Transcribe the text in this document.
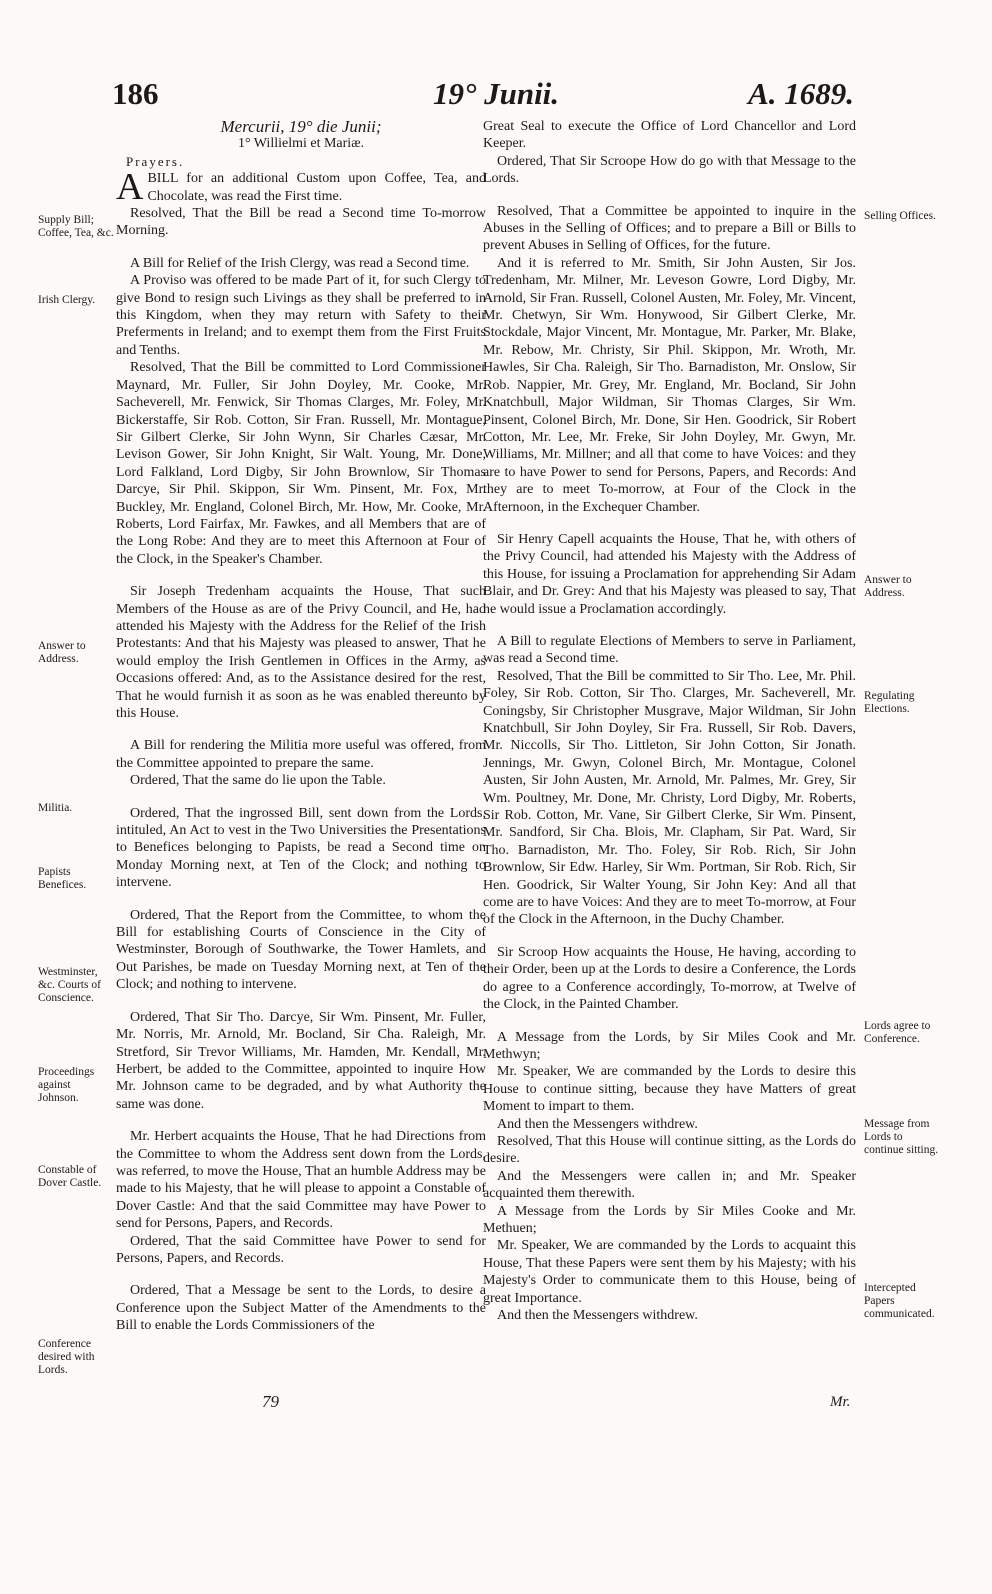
186	19° Junii.	A. 1689.

Mercurii, 19° die Junii;

1° Willielmi et Mariæ.

Prayers.

A BILL for an additional Custom upon Coffee, Tea, and Chocolate, was read the First time.

Resolved, That the Bill be read a Second time To-morrow Morning.

A Bill for Relief of the Irish Clergy, was read a Second time.

A Proviso was offered to be made Part of it, for such Clergy to give Bond to resign such Livings as they shall be preferred to in this Kingdom, when they may return with Safety to their Preferments in Ireland; and to exempt them from the First Fruits and Tenths.

Resolved, That the Bill be committed to Lord Commissioner Maynard, Mr. Fuller, Sir John Doyley, Mr. Cooke, Mr. Sacheverell, Mr. Fenwick, Sir Thomas Clarges, Mr. Foley, Mr. Bickerstaffe, Sir Rob. Cotton, Sir Fran. Russell, Mr. Montague, Sir Gilbert Clerke, Sir John Wynn, Sir Charles Cæsar, Mr. Levison Gower, Sir John Knight, Sir Walt. Young, Mr. Done, Lord Falkland, Lord Digby, Sir John Brownlow, Sir Thomas Darcye, Sir Phil. Skippon, Sir Wm. Pinsent, Mr. Fox, Mr. Buckley, Mr. England, Colonel Birch, Mr. How, Mr. Cooke, Mr. Roberts, Lord Fairfax, Mr. Fawkes, and all Members that are of the Long Robe: And they are to meet this Afternoon at Four of the Clock, in the Speaker's Chamber.

Sir Joseph Tredenham acquaints the House, That such Members of the House as are of the Privy Council, and He, had attended his Majesty with the Address for the Relief of the Irish Protestants: And that his Majesty was pleased to answer, That he would employ the Irish Gentlemen in Offices in the Army, as Occasions offered: And, as to the Assistance desired for the rest, That he would furnish it as soon as he was enabled thereunto by this House.

A Bill for rendering the Militia more useful was offered, from the Committee appointed to prepare the same.

Ordered, That the same do lie upon the Table.

Ordered, That the ingrossed Bill, sent down from the Lords, intituled, An Act to vest in the Two Universities the Presentations to Benefices belonging to Papists, be read a Second time on Monday Morning next, at Ten of the Clock; and nothing to intervene.

Ordered, That the Report from the Committee, to whom the Bill for establishing Courts of Conscience in the City of Westminster, Borough of Southwarke, the Tower Hamlets, and Out Parishes, be made on Tuesday Morning next, at Ten of the Clock; and nothing to intervene.

Ordered, That Sir Tho. Darcye, Sir Wm. Pinsent, Mr. Fuller, Mr. Norris, Mr. Arnold, Mr. Bocland, Sir Cha. Raleigh, Mr. Stretford, Sir Trevor Williams, Mr. Hamden, Mr. Kendall, Mr. Herbert, be added to the Committee, appointed to inquire How Mr. Johnson came to be degraded, and by what Authority the same was done.

Mr. Herbert acquaints the House, That he had Directions from the Committee to whom the Address sent down from the Lords, was referred, to move the House, That an humble Address may be made to his Majesty, that he will please to appoint a Constable of Dover Castle: And that the said Committee may have Power to send for Persons, Papers, and Records.

Ordered, That the said Committee have Power to send for Persons, Papers, and Records.

Ordered, That a Message be sent to the Lords, to desire a Conference upon the Subject Matter of the Amendments to the Bill to enable the Lords Commissioners of the

Great Seal to execute the Office of Lord Chancellor and Lord Keeper.

Ordered, That Sir Scroope How do go with that Message to the Lords.

Resolved, That a Committee be appointed to inquire in the Abuses in the Selling of Offices; and to prepare a Bill or Bills to prevent Abuses in Selling of Offices, for the future.

And it is referred to Mr. Smith, Sir John Austen, Sir Jos. Tredenham, Mr. Milner, Mr. Leveson Gowre, Lord Digby, Mr. Arnold, Sir Fran. Russell, Colonel Austen, Mr. Foley, Mr. Vincent, Mr. Chetwyn, Sir Wm. Honywood, Sir Gilbert Clerke, Mr. Stockdale, Major Vincent, Mr. Montague, Mr. Parker, Mr. Blake, Mr. Rebow, Mr. Christy, Sir Phil. Skippon, Mr. Wroth, Mr. Hawles, Sir Cha. Raleigh, Sir Tho. Barnadiston, Mr. Onslow, Sir Rob. Nappier, Mr. Grey, Mr. England, Mr. Bocland, Sir John Knatchbull, Major Wildman, Sir Thomas Clarges, Sir Wm. Pinsent, Colonel Birch, Mr. Done, Sir Hen. Goodrick, Sir Robert Cotton, Mr. Lee, Mr. Freke, Sir John Doyley, Mr. Gwyn, Mr. Williams, Mr. Millner; and all that come to have Voices: and they are to have Power to send for Persons, Papers, and Records: And they are to meet To-morrow, at Four of the Clock in the Afternoon, in the Exchequer Chamber.

Sir Henry Capell acquaints the House, That he, with others of the Privy Council, had attended his Majesty with the Address of this House, for issuing a Proclamation for apprehending Sir Adam Blair, and Dr. Grey: And that his Majesty was pleased to say, That he would issue a Proclamation accordingly.

A Bill to regulate Elections of Members to serve in Parliament, was read a Second time.

Resolved, That the Bill be committed to Sir Tho. Lee, Mr. Phil. Foley, Sir Rob. Cotton, Sir Tho. Clarges, Mr. Sacheverell, Mr. Coningsby, Sir Christopher Musgrave, Major Wildman, Sir John Knatchbull, Sir John Doyley, Sir Fra. Russell, Sir Rob. Davers, Mr. Niccolls, Sir Tho. Littleton, Sir John Cotton, Sir Jonath. Jennings, Mr. Gwyn, Colonel Birch, Mr. Montague, Colonel Austen, Sir John Austen, Mr. Arnold, Mr. Palmes, Mr. Grey, Sir Wm. Poultney, Mr. Done, Mr. Christy, Lord Digby, Mr. Roberts, Sir Rob. Cotton, Mr. Vane, Sir Gilbert Clerke, Sir Wm. Pinsent, Mr. Sandford, Sir Cha. Blois, Mr. Clapham, Sir Pat. Ward, Sir Tho. Barnadiston, Mr. Tho. Foley, Sir Rob. Rich, Sir John Brownlow, Sir Edw. Harley, Sir Wm. Portman, Sir Rob. Rich, Sir Hen. Goodrick, Sir Walter Young, Sir John Key: And all that come are to have Voices: And they are to meet To-morrow, at Four of the Clock in the Afternoon, in the Duchy Chamber.

Sir Scroop How acquaints the House, He having, according to their Order, been up at the Lords to desire a Conference, the Lords do agree to a Conference accordingly, To-morrow, at Twelve of the Clock, in the Painted Chamber.

A Message from the Lords, by Sir Miles Cook and Mr. Methwyn;

Mr. Speaker, We are commanded by the Lords to desire this House to continue sitting, because they have Matters of great Moment to impart to them.

And then the Messengers withdrew.

Resolved, That this House will continue sitting, as the Lords do desire.

And the Messengers were callen in; and Mr. Speaker acquainted them therewith.

A Message from the Lords by Sir Miles Cooke and Mr. Methuen;

Mr. Speaker, We are commanded by the Lords to acquaint this House, That these Papers were sent them by his Majesty; with his Majesty's Order to communicate them to this House, being of great Importance.

And then the Messengers withdrew.

Supply Bill; Coffee, Tea, &c.
Irish Clergy.
Answer to Address.
Militia.
Papists Benefices.
Westminster, &c. Courts of Conscience.
Proceedings against Johnson.
Constable of Dover Castle.
Conference desired with Lords.
Selling Offices.
Answer to Address.
Regulating Elections.
Lords agree to Conference.
Message from Lords to continue sitting.
Intercepted Papers communicated.
79	Mr.
